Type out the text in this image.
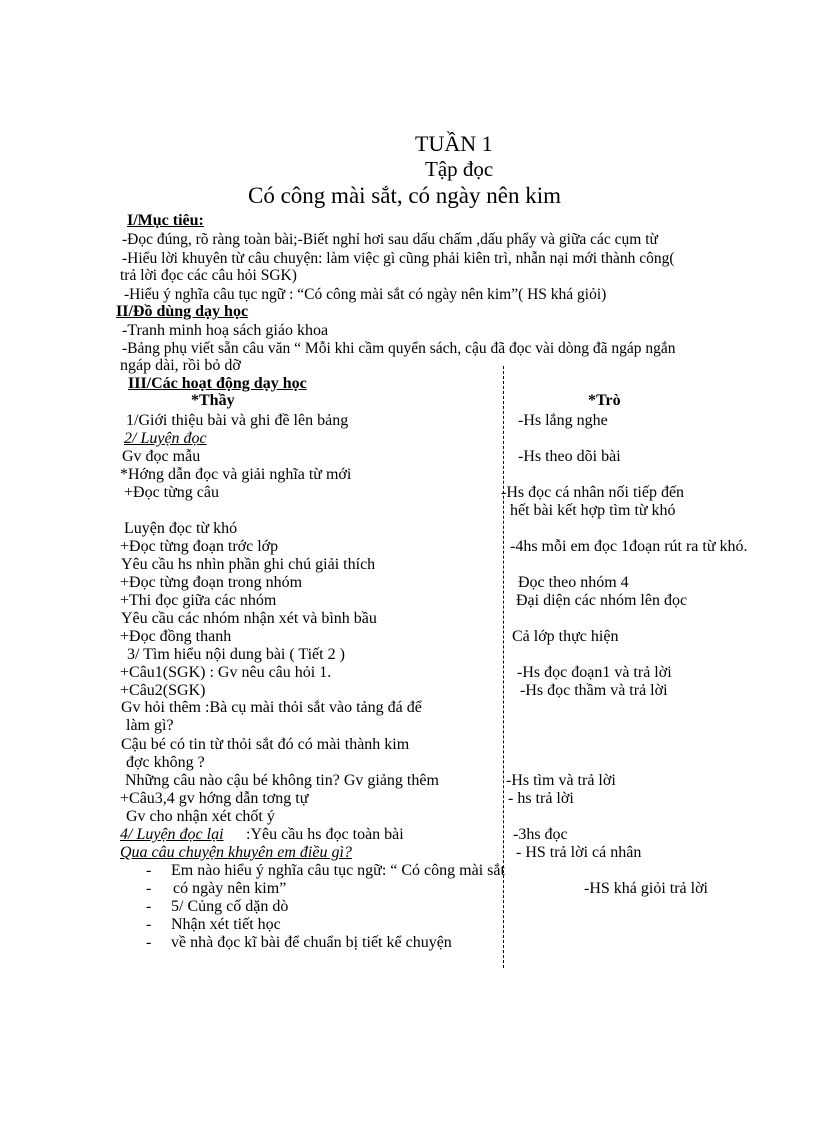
TUẦN 1
Tập đọc
Có công mài sắt, có ngày nên kim
I/Mục tiêu:
-Đọc đúng, rõ ràng toàn bài;-Biết nghỉ hơi sau dấu chấm ,dấu phẩy và giữa các cụm từ
-Hiểu lời khuyên từ câu chuyện: làm việc gì cũng phải kiên trì, nhẫn nại mới thành công(
trả lời đọc các câu hỏi SGK)
-Hiểu ý nghĩa câu tục ngữ : “Có công mài sắt có ngày nên kim”( HS khá giỏi)
II/Đồ dùng dạy học
-Tranh minh hoạ sách giáo khoa
-Bảng phụ viết sẵn câu văn “ Mỗi khi cầm quyển sách, cậu đã đọc vài dòng đã ngáp ngắn
ngáp dài, rồi bỏ dỡ
III/Các hoạt động dạy học
*Thầy	*Trò
1/Giới thiệu bài và ghi đề lên bảng
2/ Luyện đọc
Gv đọc mẫu
*Hớng dẫn đọc và giải nghĩa từ mới
+Đọc từng câu
Luyện đọc từ khó
+Đọc từng đoạn trớc lớp
Yêu cầu hs nhìn phần ghi chú giải thích
+Đọc từng đoạn trong nhóm
+Thi đọc giữa các nhóm
Yêu cầu các nhóm nhận xét và bình bầu
+Đọc đồng thanh
3/ Tìm hiểu nội dung bài ( Tiết 2 )
+Câu1(SGK) : Gv nêu câu hỏi 1.
+Câu2(SGK)
Gv hỏi thêm :Bà cụ mài thỏi sắt vào tảng đá để
làm gì?
Cậu bé có tin từ thỏi sắt đó có mài thành kim
đợc không ?
Những câu nào cậu bé không tin? Gv giảng thêm
+Câu3,4 gv hớng dẫn tơng tự
Gv cho nhận xét chốt ý
4/ Luyện đọc lại :Yêu cầu hs đọc toàn bài
Qua câu chuyện khuyên em điều gì?
-Hs lắng nghe
-Hs theo dõi bài
-Hs đọc cá nhân nối tiếp đến
hết bài kết hợp tìm từ khó
-4hs mỗi em đọc 1đoạn rút ra từ khó.
Đọc theo nhóm 4
Đại diện các nhóm lên đọc
Cả lớp thực hiện
-Hs đọc đoạn1 và trả lời
-Hs đọc thầm và trả lời
-Hs tìm và trả lời
- hs trả lời
-3hs đọc
- HS trả lời cá nhân
-HS khá giỏi trả lời
- Em nào hiểu ý nghĩa câu tục ngữ: “ Có công mài sắt
- có ngày nên kim”
- 5/ Củng cố dặn dò
- Nhận xét tiết học
- về nhà đọc kĩ bài để chuẩn bị tiết kể chuyện
